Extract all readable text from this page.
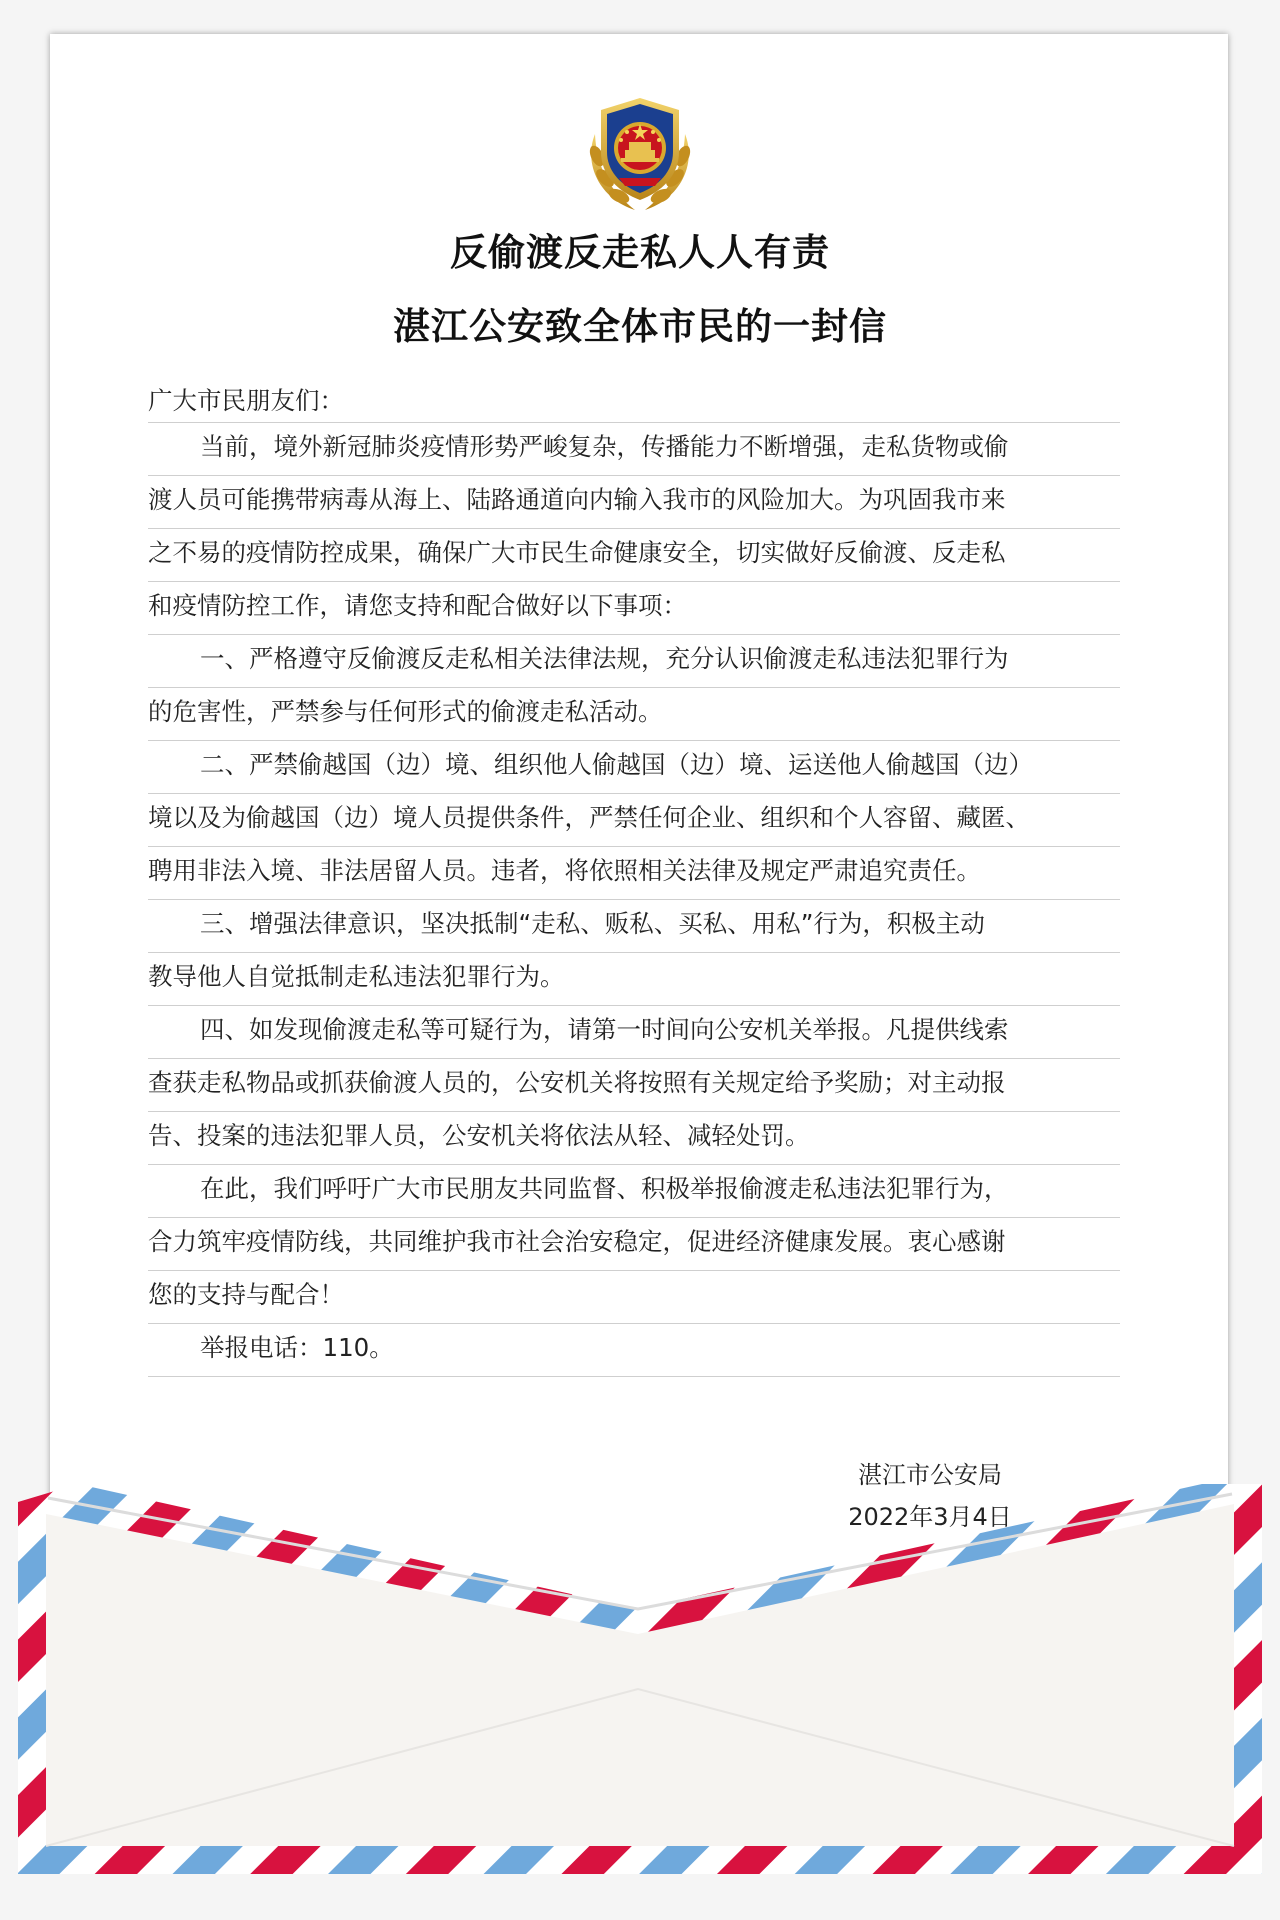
反偷渡反走私人人有责
湛江公安致全体市民的一封信

广大市民朋友们：

当前，境外新冠肺炎疫情形势严峻复杂，传播能力不断增强，走私货物或偷
渡人员可能携带病毒从海上、陆路通道向内输入我市的风险加大。为巩固我市来
之不易的疫情防控成果，确保广大市民生命健康安全，切实做好反偷渡、反走私
和疫情防控工作，请您支持和配合做好以下事项：
一、严格遵守反偷渡反走私相关法律法规，充分认识偷渡走私违法犯罪行为
的危害性，严禁参与任何形式的偷渡走私活动。
二、严禁偷越国（边）境、组织他人偷越国（边）境、运送他人偷越国（边）
境以及为偷越国（边）境人员提供条件，严禁任何企业、组织和个人容留、藏匿、
聘用非法入境、非法居留人员。违者，将依照相关法律及规定严肃追究责任。
三、增强法律意识，坚决抵制“走私、贩私、买私、用私”行为，积极主动
教导他人自觉抵制走私违法犯罪行为。
四、如发现偷渡走私等可疑行为，请第一时间向公安机关举报。凡提供线索
查获走私物品或抓获偷渡人员的，公安机关将按照有关规定给予奖励；对主动报
告、投案的违法犯罪人员，公安机关将依法从轻、减轻处罚。
在此，我们呼吁广大市民朋友共同监督、积极举报偷渡走私违法犯罪行为，
合力筑牢疫情防线，共同维护我市社会治安稳定，促进经济健康发展。衷心感谢
您的支持与配合！
举报电话：110。

湛江市公安局

2022年3月4日
